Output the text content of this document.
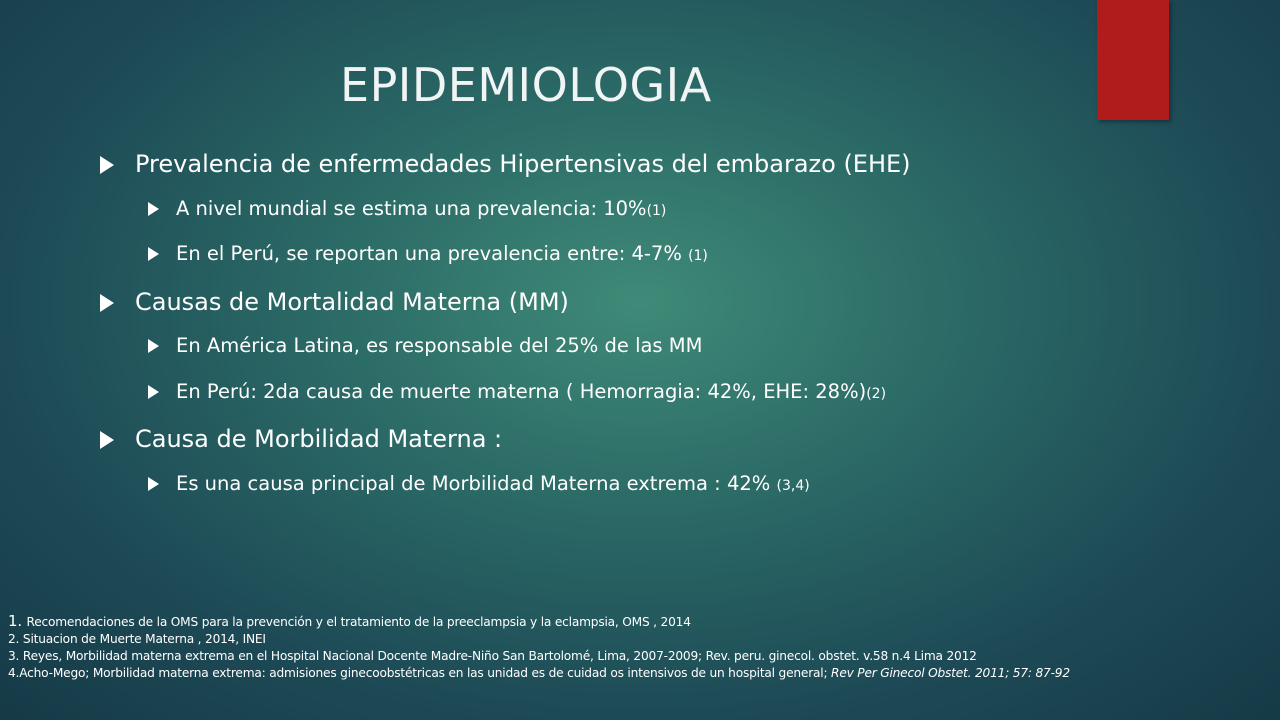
EPIDEMIOLOGIA
Prevalencia de enfermedades Hipertensivas del embarazo (EHE)
A nivel mundial se estima una prevalencia: 10%(1)
En el Perú, se reportan una prevalencia entre: 4-7% (1)
Causas de Mortalidad Materna (MM)
En América Latina, es responsable del 25% de las MM
En Perú: 2da causa de muerte materna ( Hemorragia: 42%, EHE: 28%)(2)
Causa de Morbilidad Materna :
Es una causa principal de Morbilidad Materna extrema : 42% (3,4)
1. Recomendaciones de la OMS para la prevención y el tratamiento de la preeclampsia y la eclampsia, OMS , 2014
2. Situacion de Muerte Materna , 2014, INEI
3. Reyes, Morbilidad materna extrema en el Hospital Nacional Docente Madre-Niño San Bartolomé, Lima, 2007-2009; Rev. peru. ginecol. obstet. v.58 n.4 Lima 2012
4.Acho-Mego; Morbilidad materna extrema: admisiones ginecoobstétricas en las unidad es de cuidad os intensivos de un hospital general; Rev Per Ginecol Obstet. 2011; 57: 87-92
